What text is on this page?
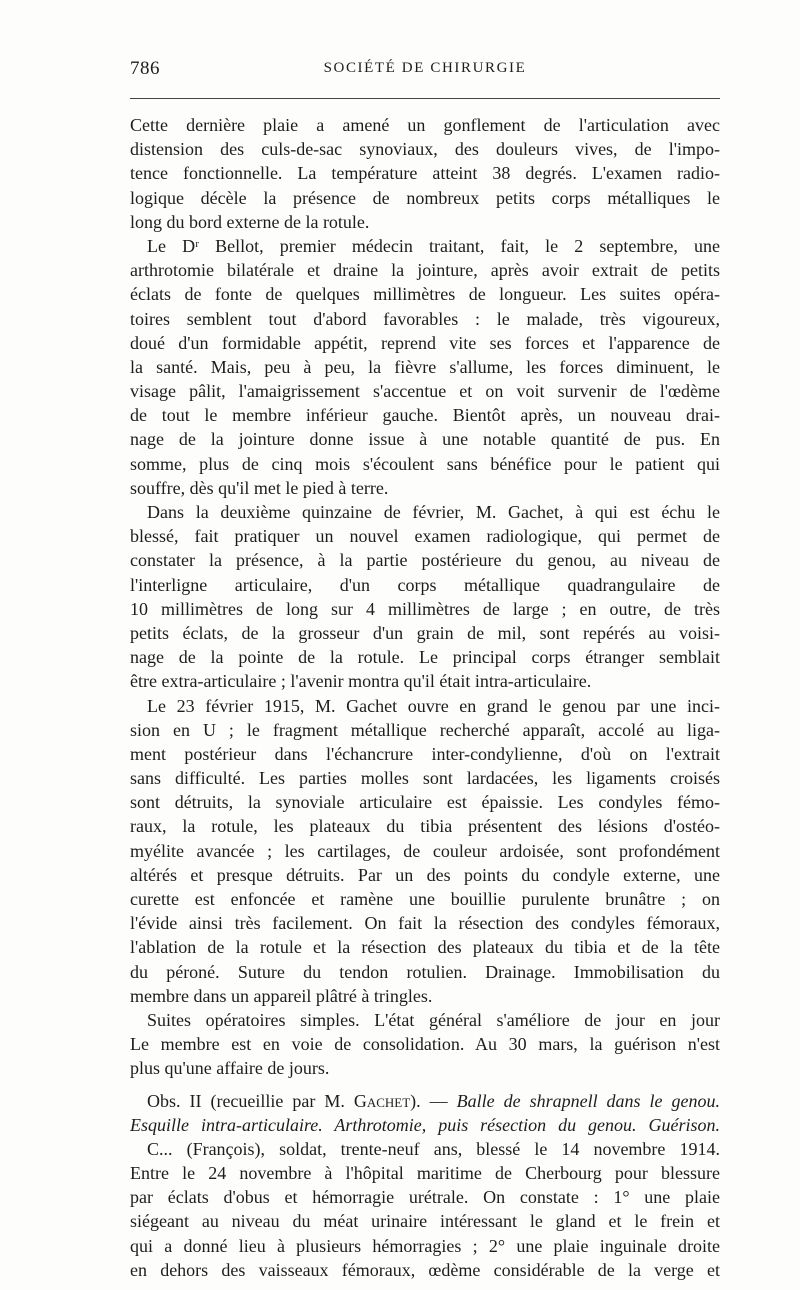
786	SOCIÉTÉ DE CHIRURGIE
Cette dernière plaie a amené un gonflement de l'articulation avec
distension des culs-de-sac synoviaux, des douleurs vives, de l'impo-
tence fonctionnelle. La température atteint 38 degrés. L'examen radio-
logique décèle la présence de nombreux petits corps métalliques le
long du bord externe de la rotule.
Le Dʳ Bellot, premier médecin traitant, fait, le 2 septembre, une
arthrotomie bilatérale et draine la jointure, après avoir extrait de petits
éclats de fonte de quelques millimètres de longueur. Les suites opéra-
toires semblent tout d'abord favorables : le malade, très vigoureux,
doué d'un formidable appétit, reprend vite ses forces et l'apparence de
la santé. Mais, peu à peu, la fièvre s'allume, les forces diminuent, le
visage pâlit, l'amaigrissement s'accentue et on voit survenir de l'œdème
de tout le membre inférieur gauche. Bientôt après, un nouveau drai-
nage de la jointure donne issue à une notable quantité de pus. En
somme, plus de cinq mois s'écoulent sans bénéfice pour le patient qui
souffre, dès qu'il met le pied à terre.
Dans la deuxième quinzaine de février, M. Gachet, à qui est échu le
blessé, fait pratiquer un nouvel examen radiologique, qui permet de
constater la présence, à la partie postérieure du genou, au niveau de
l'interligne articulaire, d'un corps métallique quadrangulaire de
10 millimètres de long sur 4 millimètres de large ; en outre, de très
petits éclats, de la grosseur d'un grain de mil, sont repérés au voisi-
nage de la pointe de la rotule. Le principal corps étranger semblait
être extra-articulaire ; l'avenir montra qu'il était intra-articulaire.
Le 23 février 1915, M. Gachet ouvre en grand le genou par une inci-
sion en U ; le fragment métallique recherché apparaît, accolé au liga-
ment postérieur dans l'échancrure inter-condylienne, d'où on l'extrait
sans difficulté. Les parties molles sont lardacées, les ligaments croisés
sont détruits, la synoviale articulaire est épaissie. Les condyles fémo-
raux, la rotule, les plateaux du tibia présentent des lésions d'ostéo-
myélite avancée ; les cartilages, de couleur ardoisée, sont profondément
altérés et presque détruits. Par un des points du condyle externe, une
curette est enfoncée et ramène une bouillie purulente brunâtre ; on
l'évide ainsi très facilement. On fait la résection des condyles fémoraux,
l'ablation de la rotule et la résection des plateaux du tibia et de la tête
du péroné. Suture du tendon rotulien. Drainage. Immobilisation du
membre dans un appareil plâtré à tringles.
Suites opératoires simples. L'état général s'améliore de jour en jour
Le membre est en voie de consolidation. Au 30 mars, la guérison n'est
plus qu'une affaire de jours.
Obs. II (recueillie par M. Gachet). — Balle de shrapnell dans le genou.
Esquille intra-articulaire. Arthrotomie, puis résection du genou. Guérison.
C... (François), soldat, trente-neuf ans, blessé le 14 novembre 1914.
Entre le 24 novembre à l'hôpital maritime de Cherbourg pour blessure
par éclats d'obus et hémorragie urétrale. On constate : 1° une plaie
siégeant au niveau du méat urinaire intéressant le gland et le frein et
qui a donné lieu à plusieurs hémorragies ; 2° une plaie inguinale droite
en dehors des vaisseaux fémoraux, œdème considérable de la verge et
